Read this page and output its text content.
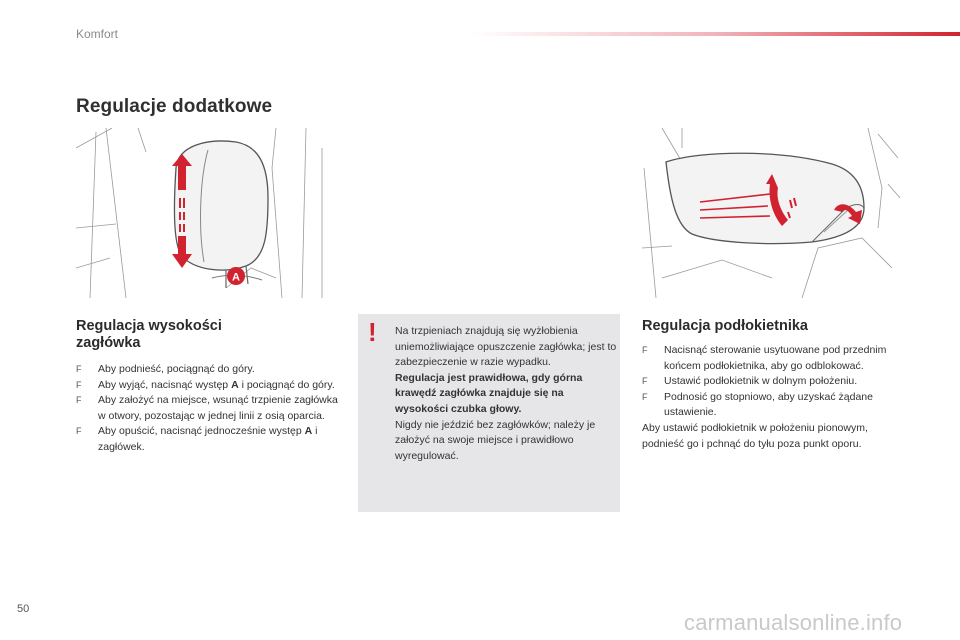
Komfort
Regulacje dodatkowe
A
Regulacja wysokości
zagłówka
F Aby podnieść, pociągnąć do góry.
F Aby wyjąć, nacisnąć występ A i pociągnąć do góry.
F Aby założyć na miejsce, wsunąć trzpienie zagłówka w otwory, pozostając w jednej linii z osią oparcia.
F Aby opuścić, nacisnąć jednocześnie występ A i zagłówek.
! Na trzpieniach znajdują się wyżłobienia uniemożliwiające opuszczenie zagłówka; jest to zabezpieczenie w razie wypadku.

Regulacja jest prawidłowa, gdy górna krawędź zagłówka znajduje się na wysokości czubka głowy.

Nigdy nie jeździć bez zagłówków; należy je założyć na swoje miejsce i prawidłowo wyregulować.

Regulacja podłokietnika
F Nacisnąć sterowanie usytuowane pod przednim końcem podłokietnika, aby go odblokować.
F Ustawić podłokietnik w dolnym położeniu.
F Podnosić go stopniowo, aby uzyskać żądane ustawienie.

Aby ustawić podłokietnik w położeniu pionowym, podnieść go i pchnąć do tyłu poza punkt oporu.

50
carmanualsonline.info
